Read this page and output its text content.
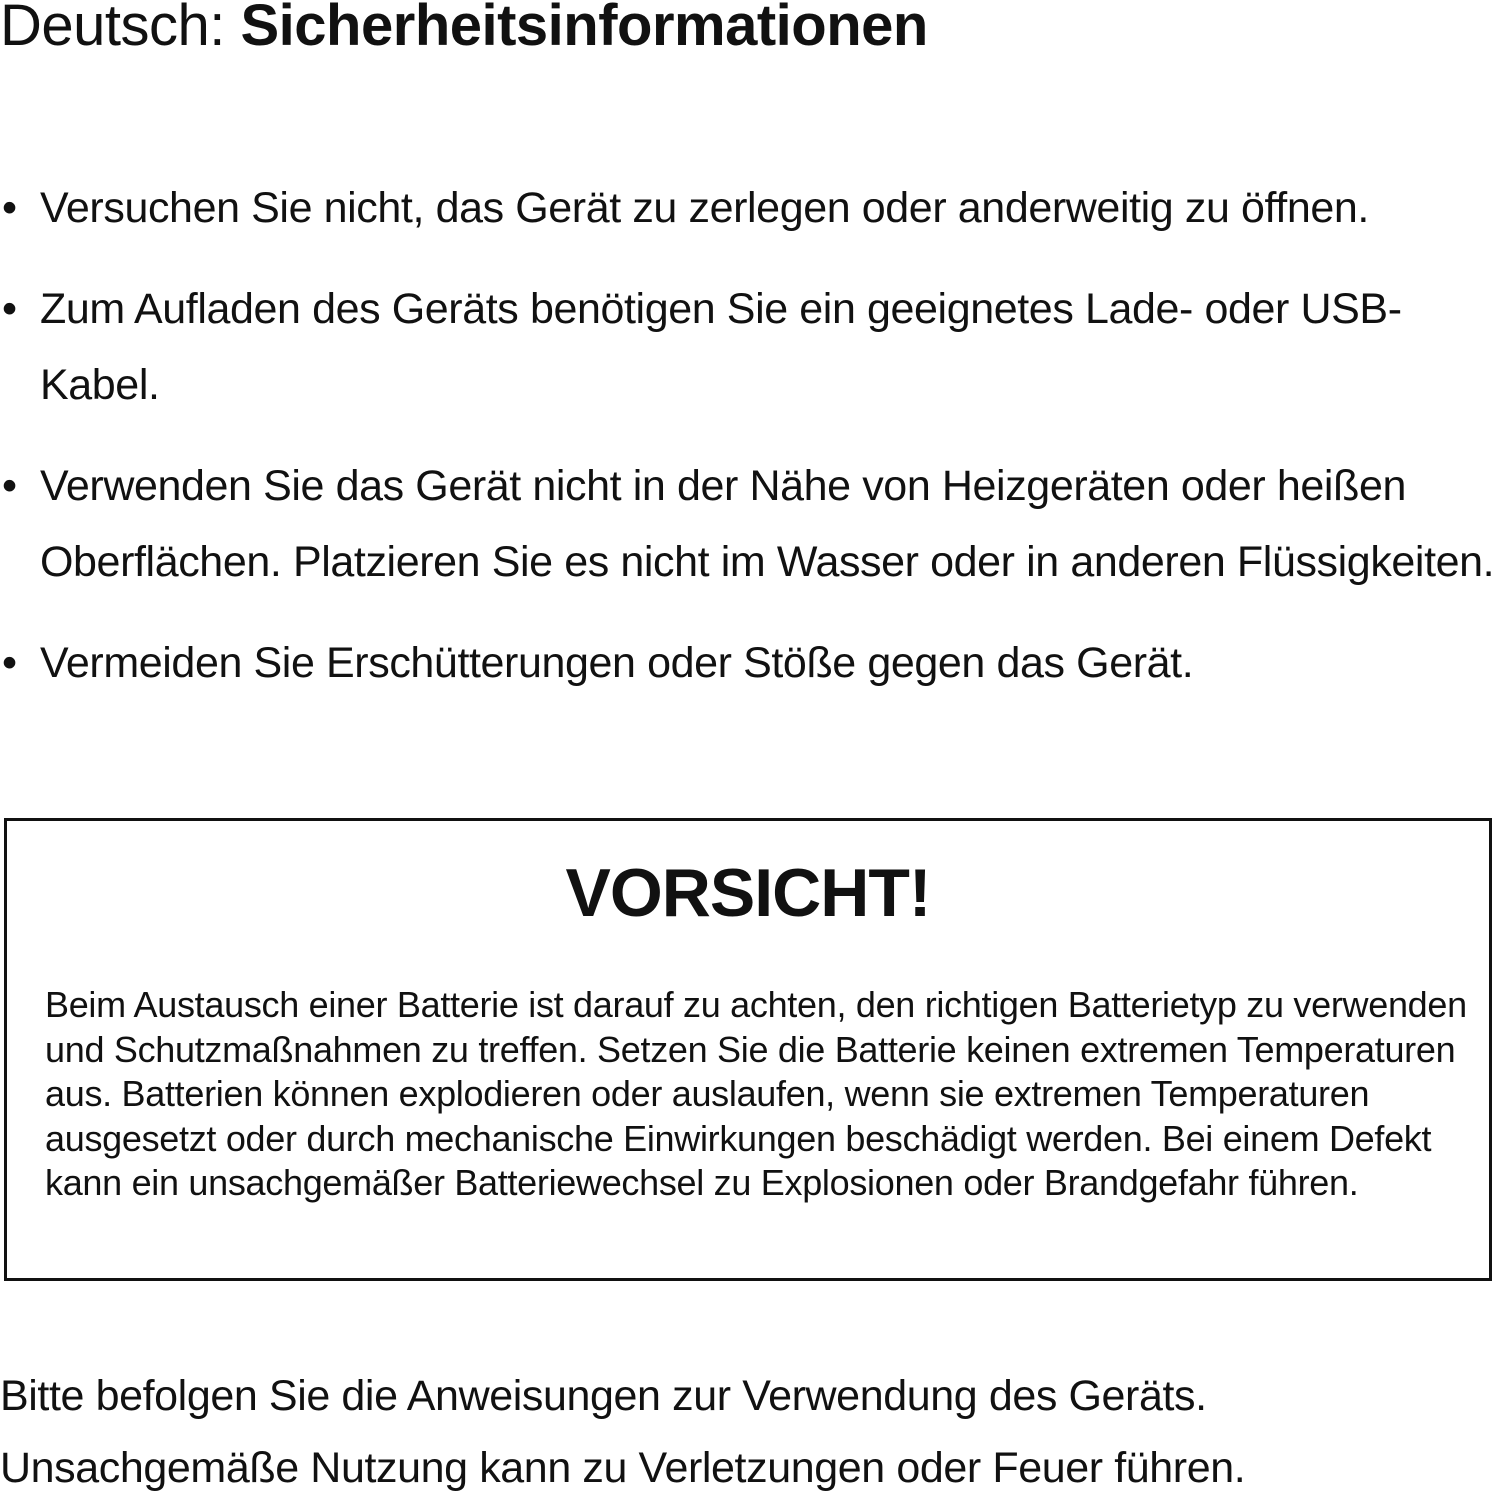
Deutsch: Sicherheitsinformationen
• Versuchen Sie nicht, das Gerät zu zerlegen oder anderweitig zu öffnen.
• Zum Aufladen des Geräts benötigen Sie ein geeignetes Lade- oder USB-Kabel.
• Verwenden Sie das Gerät nicht in der Nähe von Heizgeräten oder heißen Oberflächen. Platzieren Sie es nicht im Wasser oder in anderen Flüssigkeiten.
• Vermeiden Sie Erschütterungen oder Stöße gegen das Gerät.
VORSICHT!

Beim Austausch einer Batterie ist darauf zu achten, den richtigen Batterietyp zu verwenden und Schutzmaßnahmen zu treffen. Setzen Sie die Batterie keinen extremen Temperaturen aus. Batterien können explodieren oder auslaufen, wenn sie extremen Temperaturen ausgesetzt oder durch mechanische Einwirkungen beschädigt werden. Bei einem Defekt kann ein unsachgemäßer Batteriewechsel zu Explosionen oder Brandgefahr führen.

Bitte befolgen Sie die Anweisungen zur Verwendung des Geräts. Unsachgemäße Nutzung kann zu Verletzungen oder Feuer führen.
